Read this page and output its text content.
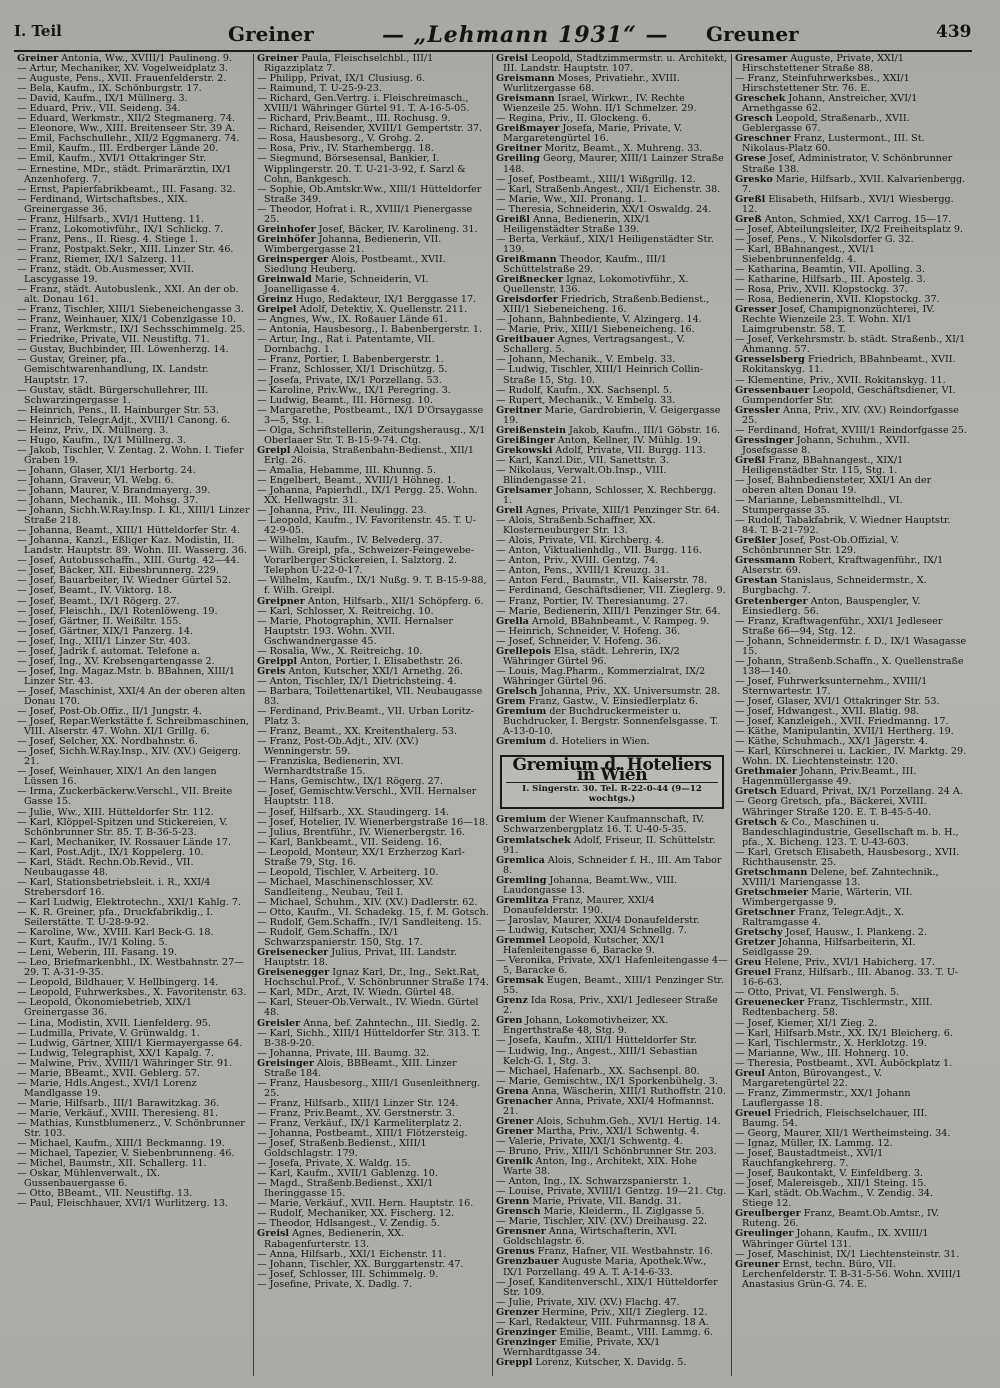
I. Teil	Greiner	— „Lehmann 1931“ — Greuner	439

Greiner Antonia, Ww., XVIII/1 Paulineng. 9.

— Artur, Mechaniker, XV. Vogelweidplatz 3.

— Auguste, Pens., XVII. Frauenfelderstr. 2.

— Bela, Kaufm., IX. Schönburgstr. 17.

— David, Kaufm., IX/1 Müllnerg. 3.

— Eduard, Priv., VII. Seideng. 34.

— Eduard, Werkmstr., XII/2 Stegmanerg. 74.

— Eleonore, Ww., XIII. Breitenseer Str. 39 A.

— Emil, Fachschullehr., XII/2 Eggmanerg. 74.

— Emil, Kaufm., III. Erdberger Lände 20.

— Emil, Kaufm., XVI/1 Ottakringer Str.

— Ernestine, MDr., städt. Primarärztin, IX/1 Anzenhoferg. 7.

— Ernst, Papierfabrikbeamt., III. Fasang. 32.

— Ferdinand, Wirtschaftsbes., XIX. Greinergasse 36.

— Franz, Hilfsarb., XVI/1 Hutteng. 11.

— Franz, Lokomotivführ., IX/1 Schlickg. 7.

— Franz, Pens., II. Riesg. 4. Stiege 1.

— Franz, Postpakt.Sekr., XIII. Linzer Str. 46.

— Franz, Riemer, IX/1 Salzerg. 11.

— Franz, städt. Ob.Ausmesser, XVII. Lascygasse 19.

— Franz, städt. Autobuslenk., XXI. An der ob. alt. Donau 161.

— Franz, Tischler, XIII/1 Siebeneichengasse 3.

— Franz, Weinhauer, XIX/1 Cobenzlgasse 10.

— Franz, Werkmstr., IX/1 Sechsschimmelg. 25.

— Friedrike, Private, VII. Neustiftg. 71.

— Gustav, Buchbinder, III. Löwenherzg. 14.

— Gustav, Greiner, pfa., Gemischtwarenhandlung, IX. Landstr. Hauptstr. 17.

— Gustav, städt. Bürgerschullehrer, III. Schwarzingergasse 1.

— Heinrich, Pens., II. Hainburger Str. 53.

— Heinrich, Telegr.Adjt., XVIII/1 Canong. 6.

— Heinz, Priv., IX. Müllnerg. 3.

— Hugo, Kaufm., IX/1 Müllnerg. 3.

— Jakob, Tischler, V. Zentag. 2. Wohn. I. Tiefer Graben 19.

— Johann, Glaser, XI/1 Herbortg. 24.

— Johann, Graveur, VI. Webg. 6.

— Johann, Maurer, V. Brandmayerg. 39.

— Johann, Mechanik., III. Mohsg. 37.

— Johann, Sichh.W.Ray.Insp. I. Kl., XIII/1 Linzer Straße 218.

— Johanna, Beamt., XIII/1 Hütteldorfer Str. 4.

— Johanna, Kanzl., Eßliger Kaz. Modistin, II. Landstr. Hauptstr. 89. Wohn. III. Wasserg. 36.

— Josef, Autobusschaffn., XIII. Gurtg. 42—44.

— Josef, Bäcker, XII. Eibesbrunnerg. 229.

— Josef, Bauarbeiter, IV. Wiedner Gürtel 52.

— Josef, Beamt., IV. Viktorg. 18.

— Josef, Beamt., IX/1 Rögerg. 27.

— Josef, Fleischh., IX/1 Rotenlöweng. 19.

— Josef, Gärtner, II. Weißiltr. 155.

— Josef, Gärtner, XIX/1 Panzerg. 14.

— Josef, Ing., XIII/1 Linzer Str. 403.

— Josef, Jadrik f. automat. Telefone a.

— Josef, Ing., XV. Krebsengartengasse 2.

— Josef, Ing. Magaz.Mstr. b. BBahnen, XIII/1 Linzer Str. 43.

— Josef, Maschinist, XXI/4 An der oberen alten Donau 170.

— Josef, Post-Ob.Offiz., II/1 Jungstr. 4.

— Josef, Repar.Werkstätte f. Schreibmaschinen, VIII. Alserstr. 47. Wohn. XI/1 Grillg. 6.

— Josef, Selcher, XX. Nordbahnstr. 6.

— Josef, Sichh.W.Ray.Insp., XIV. (XV.) Geigerg. 21.

— Josef, Weinhauer, XIX/1 An den langen Lüssen 16.

— Irma, Zuckerbäckerw.Verschl., VII. Breite Gasse 15.

— Julie, Ww., XIII. Hütteldorfer Str. 112.

— Karl, Klöppel-Spitzen und Stickereien, V. Schönbrunner Str. 85. T. B-36-5-23.

— Karl, Mechaniker, IV. Rossauer Lände 17.

— Karl, Post.Adjt., IX/1 Koppelerg. 10.

— Karl, Städt. Rechn.Ob.Revid., VII. Neubaugasse 48.

— Karl, Stationsbetriebsleit. i. R., XXI/4 Strebersdorf 16.

— Karl Ludwig, Elektrotechn., XXI/1 Kahlg. 7.

— K. R. Greiner, pfa., Druckfabrikdig., I. Seilerstätte. T. U-28-9-92.

— Karoline, Ww., XVIII. Karl Beck-G. 18.

— Kurt, Kaufm., IV/1 Koling. 5.

— Leni, Weberin, III. Fasang. 19.

— Leo, Briefmarkenbhl., IX. Westbahnstr. 27—29. T. A-31-9-35.

— Leopold, Bildhauer, V. Hellbingerg. 14.

— Leopold, Fuhrwerksbes., X. Favoritenstr. 63.

— Leopold, Ökonomiebetrieb, XIX/1 Greinergasse 36.

— Lina, Modistin, XVII. Lienfelderg. 95.

— Ludmilla, Private, V. Grünwaldg. 1.

— Ludwig, Gärtner, XIII/1 Kiermayergasse 64.

— Ludwig, Telegraphist, XX/1 Kapalg. 7.

— Malwine, Priv., XVIII/1 Währinger Str. 91.

— Marie, BBeamt., XVII. Geblerg. 57.

— Marie, Hdls.Angest., XVI/1 Lorenz Mandlgasse 19.

— Marie, Hilfsarb., III/1 Barawitzkag. 36.

— Marie, Verkäuf., XVIII. Theresieng. 81.

— Mathias, Kunstblumenerz., V. Schönbrunner Str. 103.

— Michael, Kaufm., XIII/1 Beckmanng. 19.

— Michael, Tapezier, V. Siebenbrunneng. 46.

— Michel, Baumstr., XII. Schallerg. 11.

— Oskar, Mühlenverwalt., IX. Gussenbauergasse 6.

— Otto, BBeamt., VII. Neustiftg. 13.

— Paul, Fleischhauer, XVI/1 Wurlitzerg. 13.

Greiner Paula, Fleischselchbl., III/1 Rigazziplatz 7.

— Philipp, Privat, IX/1 Clusiusg. 6.

— Raimund, T. U-25-9-23.

— Richard, Gen.Vertrg. i. Fleischreimasch., XVIII/1 Währinger Gürtel 91. T. A-16-5-05.

— Richard, Priv.Beamt., III. Rochusg. 9.

— Richard, Reisender, XVIII/1 Gempertstr. 37.

— Rosa, Hausbesorg., V. Grohg. 2.

— Rosa, Priv., IV. Starhembergg. 18.

— Siegmund, Börsesensal, Bankier, I. Wipplingerstr. 20. T. U-21-3-92, f. Sarzl & Cohn, Bankgesch.

— Sophie, Ob.Amtskr.Ww., XIII/1 Hütteldorfer Straße 349.

— Theodor, Hofrat i. R., XVIII/1 Pienergasse 25.

Greinhofer Josef, Bäcker, IV. Karolineng. 31.

Greinhöfer Johanna, Bedienerin, VII. Wimbergergasse 21.

Greinsperger Alois, Postbeamt., XVII. Siedlung Heuberg.

Greinwald Marie, Schneiderin, VI. Joanelligasse 4.

Greinz Hugo, Redakteur, IX/1 Berggasse 17.

Greipel Adolf, Detektiv, X. Quellenstr. 211.

— Angnes, Ww., IX. Roßauer Lände 61.

— Antonia, Hausbesorg., I. Babenbergerstr. 1.

— Artur, Ing., Rat i. Patentamte, VII. Dornbachg. 1.

— Franz, Portier, I. Babenbergerstr. 1.

— Franz, Schlosser, XI/1 Drischützg. 5.

— Josefa, Private, IX/1 Porzellang. 53.

— Karoline, Priv.Ww., IX/1 Peregring. 3.

— Ludwig, Beamt., III. Hörnesg. 10.

— Margarethe, Postbeamt., IX/1 D'Orsaygasse 3—5, Stg. 1.

— Olga, Schriftstellerin, Zeitungsherausg., X/1 Oberlaaer Str. T. B-15-9-74. Ctg.

Greipl Aloisia, Straßenbahn-Bedienst., XII/1 Erlg. 26.

— Amalia, Hebamme, III. Khunng. 5.

— Engelbert, Beamt., XVIII/1 Höhneg. 1.

— Johanna, Papierhdl., IX/1 Pergg. 25. Wohn. XX. Hellwagstr. 31.

— Johanna, Priv., III. Neulingg. 23.

— Leopold, Kaufm., IV. Favoritenstr. 45. T. U-42-9-05.

— Wilhelm, Kaufm., IV. Belvederg. 37.

— Wilh. Greipl, pfa., Schweizer-Feingewebe-Vorarlberger Stickereien, I. Salztorg. 2. Telephon U-22-0-17.

— Wilhelm, Kaufm., IX/1 Nußg. 9. T. B-15-9-88, f. Wilh. Greipl.

Greipner Anton, Hilfsarb., XII/1 Schöpferg. 6.

— Karl, Schlosser, X. Reitreichg. 10.

— Marie, Photographin, XVII. Hernalser Hauptstr. 193. Wohn. XVII. Gschwandnergasse 45.

— Rosalia, Ww., X. Reitreichg. 10.

Greippl Anton, Portier, I. Elisabethstr. 26.

Greis Anton, Kutscher, XXI/1 Arnethg. 26.

— Anton, Tischler, IX/1 Dietrichsteing. 4.

— Barbara, Toilettenartikel, VII. Neubaugasse 83.

— Ferdinand, Priv.Beamt., VII. Urban Loritz-Platz 3.

— Franz, Beamt., XX. Kreitenthalerg. 53.

— Franz, Post-Ob.Adjt., XIV. (XV.) Wenningerstr. 59.

— Franziska, Bedienerin, XVI. Wernhardtstraße 15.

— Hans, Gemischtw., IX/1 Rögerg. 27.

— Josef, Gemischtw.Verschl., XVII. Hernalser Hauptstr. 118.

— Josef, Hilfsarb., XX. Staudingerg. 14.

— Josef, Hotelier, IV. Wienerbergstraße 16—18.

— Julius, Brentführ., IV. Wienerbergstr. 16.

— Karl, Bankbeamt., VII. Seideng. 16.

— Leopold, Monteur, XX/1 Erzherzog Karl-Straße 79, Stg. 16.

— Leopold, Tischler, V. Arbeiterg. 10.

— Michael, Maschinenschlosser, XV. Sandleiteng., Neubau, Teil I.

— Michael, Schuhm., XIV. (XV.) Dadlerstr. 62.

— Otto, Kaufm., VI. Schadekg. 15, f. M. Gotsch.

— Rudolf, Gem.Schaffn., IV/1 Sandleiteng. 15.

— Rudolf, Gem.Schaffn., IX/1 Schwarzspanierstr. 150, Stg. 17.

Greisenecker Julius, Privat, III. Landstr. Hauptstr. 18.

Greisenegger Ignaz Karl, Dr., Ing., Sekt.Rat, Hochschul.Prof., V. Schönbrunner Straße 174.

— Karl, MDr., Arzt, IV. Wiedn. Gürtel 48.

— Karl, Steuer-Ob.Verwalt., IV. Wiedn. Gürtel 48.

Greisler Anna, bef. Zahntechn., III. Siedlg. 2.

— Karl, Sichh., XIII/1 Hütteldorfer Str. 313. T. B-38-9-20.

— Johanna, Private, III. Baumg. 32.

Greisinger Alois, BBBeamt., XIII. Linzer Straße 184.

— Franz, Hausbesorg., XIII/1 Gusenleithnerg. 25.

— Franz, Hilfsarb., XIII/1 Linzer Str. 124.

— Franz, Priv.Beamt., XV. Gerstnerstr. 3.

— Franz, Verkäuf., IX/1 Karmeliterplatz 2.

— Johanna, Postbeamt., XIII/1 Flötzersteig.

— Josef, Straßenb.Bedienst., XIII/1 Goldschlagstr. 179.

— Josefa, Private, X. Waldg. 15.

— Karl, Kaufm., XVII/1 Gablenzg. 10.

— Magd., Straßenb.Bedienst., XXI/1 Iheringgasse 15.

— Marie, Verkäuf., XVII. Hern. Hauptstr. 16.

— Rudolf, Mechaniker, XX. Fischerg. 12.

— Theodor, Hdlsangest., V. Zendig. 5.

Greisl Agnes, Bedienerin, XX. Rabagenfurterstr. 13.

— Anna, Hilfsarb., XXI/1 Eichenstr. 11.

— Johann, Tischler, XX. Burggartenstr. 47.

— Josef, Schlosser, III. Schimmelg. 9.

— Josefine, Private, X. Dadlg. 7.

Greisl Leopold, Stadtzimmermstr. u. Architekt, III. Landstr. Hauptstr. 107.

Greismann Moses, Privatiehr., XVIII. Wurlitzergasse 68.

Greismann Israel, Wirkwr., IV. Rechte Wienzeile 25. Wohn. II/1 Schmelzer. 29.

— Regina, Priv., II. Glockeng. 6.

Greißmayer Josefa, Marie, Private, V. Margaretengürtel 16.

Greitner Moritz, Beamt., X. Muhreng. 33.

Greiling Georg, Maurer, XIII/1 Lainzer Straße 148.

— Josef, Postbeamt., XIII/1 Wißgrillg. 12.

— Karl, Straßenb.Angest., XII/1 Eichenstr. 38.

— Marie, Ww., XII. Pronang. 1.

— Theresia, Schneiderin, XX/1 Oswaldg. 24.

Greißl Anna, Bedienerin, XIX/1 Heiligenstädter Straße 139.

— Berta, Verkäuf., XIX/1 Heiligenstädter Str. 139.

Greißmann Theodor, Kaufm., III/1 Schüttelstraße 29.

Greißnecker Ignaz, Lokomotivführ., X. Quellenstr. 136.

Greisdorfer Friedrich, Straßenb.Bedienst., XIII/1 Siebeneicheng. 16.

— Johann, Bahnbediente, V. Alzingerg. 14.

— Marie, Priv., XIII/1 Siebeneicheng. 16.

Greitbauer Agnes, Vertragsangest., V. Schallerg. 5.

— Johann, Mechanik., V. Embelg. 33.

— Ludwig, Tischler, XIII/1 Heinrich Collin-Straße 15, Stg. 10.

— Rudolf, Kaufm., XX. Sachsenpl. 5.

— Rupert, Mechanik., V. Embelg. 33.

Greitner Marie, Gardrobierin, V. Geigergasse 19.

Greißenstein Jakob, Kaufm., III/1 Göbstr. 16.

Greißinger Anton, Kellner, IV. Mühlg. 19.

Grekowski Adolf, Private, VII. Burgg. 113.

— Karl, Kanzl.Dir., VII. Sanettstr. 3.

— Nikolaus, Verwalt.Ob.Insp., VIII. Blindengasse 21.

Grelsamer Johann, Schlosser, X. Rechbergg. 1.

Grell Agnes, Private, XIII/1 Penzinger Str. 64.

— Alois, Straßenb.Schaffner, XX. Klosterneuburger Str. 13.

— Alois, Private, VII. Kirchberg. 4.

— Anton, Viktualienhdlg., VII. Burgg. 116.

— Anton, Priv., XVIII. Gentzg. 74.

— Anton, Pens., XVIII/1 Kreuzg. 31.

— Anton Ferd., Baumstr., VII. Kaiserstr. 78.

— Ferdinand, Geschäftsdiener, VII. Zieglerg. 9.

— Franz, Portier, IV. Theresianumg. 27.

— Marie, Bedienerin, XIII/1 Penzinger Str. 64.

Grella Arnold, BBahnbeamt., V. Rampeg. 9.

— Heinrich, Schneider, V. Hofeng. 36.

— Josef, Schneider, V. Hofeng. 36.

Grellepois Elsa, städt. Lehrerin, IX/2 Währinger Gürtel 96.

— Louis, Mag.Pharm., Kommerzialrat, IX/2 Währinger Gürtel 96.

Grelsch Johanna, Priv., XX. Universumstr. 28.

Grem Franz, Gastw., V. Einsiedlerplatz 6.

Gremium der Buchdruckermeister u. Buchdrucker, I. Bergstr. Sonnenfelsgasse. T. A-13-0-10.

Gremium d. Hoteliers in Wien.

Gremium d. Hoteliers in Wien
I. Singerstr. 30. Tel. R-22-0-44 (9—12 wochtgs.)

Gremium der Wiener Kaufmannschaft, IV. Schwarzenbergplatz 16. T. U-40-5-35.

Gremlatschek Adolf, Friseur, II. Schüttelstr. 91.

Gremlica Alois, Schneider f. H., III. Am Tabor 8.

Gremling Johanna, Beamt.Ww., VIII. Laudongasse 13.

Gremlitza Franz, Maurer, XXI/4 Donaufelderstr. 190.

— Jaroslav, Maurer, XXI/4 Donaufelderstr.

— Ludwig, Kutscher, XXI/4 Schnellg. 7.

Gremmel Leopold, Kutscher, XX/1 Hafenleitengasse 6, Baracke 9.

— Veronika, Private, XX/1 Hafenleitengasse 4—5, Baracke 6.

Gremsak Eugen, Beamt., XIII/1 Penzinger Str. 55.

Grenz Ida Rosa, Priv., XXI/1 Jedleseer Straße 2.

Gren Johann, Lokomotivheizer, XX. Engerthstraße 48, Stg. 9.

— Josefa, Kaufm., XIII/1 Hütteldorfer Str.

— Ludwig, Ing., Angest., XIII/1 Sebastian Kelch-G. 1, Stg. 3.

— Michael, Hafenarb., XX. Sachsenpl. 80.

— Marie, Gemischtw., IX/1 Sporkenbühelg. 3.

Grena Anna, Wäscherin, XIII/1 Ruthoffstr. 210.

Grenacher Anna, Private, XXI/4 Hofmannst. 21.

Grener Alois, Schuhm.Geh., XVI/1 Hertig. 14.

Grener Martha, Priv., XXI/1 Schwentg. 4.

— Valerie, Private, XXI/1 Schwentg. 4.

— Bruno, Priv., XIII/1 Schönbrunner Str. 203.

Grenik Anton, Ing., Architekt, XIX. Hohe Warte 38.

— Anton, Ing., IX. Schwarzspanierstr. 1.

— Louise, Private, XVIII/1 Gentzg. 19—21. Ctg.

Grenn Marie, Private, VII. Bandg. 31.

Grensch Marie, Kleiderm., II. Ziglgasse 5.

— Marie, Tischler, XIV. (XV.) Dreihausg. 22.

Grensner Anna, Wirtschafterin, XVI. Goldschlagstr. 6.

Grenus Franz, Hafner, VII. Westbahnstr. 16.

Grenzbauer Auguste Maria, Apothek.Ww., IX/1 Porzellang. 49 A. T. A-14-6-33.

— Josef, Kanditenverschl., XIX/1 Hütteldorfer Str. 109.

— Julie, Private, XIV. (XV.) Flachg. 47.

Grenzer Hermine, Priv., XII/1 Zieglerg. 12.

— Karl, Redakteur, VIII. Fuhrmannsg. 18 A.

Grenzinger Emilie, Beamt., VIII. Lammg. 6.

Grenzinger Emilie, Private, XX/1 Wernhardtgasse 34.

Greppl Lorenz, Kutscher, X. Davidg. 5.

Gresamer Auguste, Private, XXI/1 Hirschstettener Straße 88.

— Franz, Steinfuhrwerksbes., XXI/1 Hirschstettener Str. 76. E.

Greschek Johann, Anstreicher, XVI/1 Arnethgasse 62.

Gresch Leopold, Straßenarb., XVII. Geblergasse 67.

Greschner Franz, Lustermont., III. St. Nikolaus-Platz 60.

Grese Josef, Administrator, V. Schönbrunner Straße 138.

Gresko Marie, Hilfsarb., XVII. Kalvarienbergg. 7.

Greßl Elisabeth, Hilfsarb., XVI/1 Wiesbergg. 12.

Greß Anton, Schmied, XX/1 Carrog. 15—17.

— Josef, Abteilungsleiter, IX/2 Freiheitsplatz 9.

— Josef, Pens., V. Nikolsdorfer G. 32.

— Karl, BBahnangest., XVI/1 Siebenbrunnenfeldg. 4.

— Katharina, Beamtin, VII. Apolling. 3.

— Katharine, Hilfsarb., III. Apostelg. 3.

— Rosa, Priv., XVII. Klopstockg. 37.

— Rosa, Bedienerin, XVII. Klopstockg. 37.

Gresser Josef, Champignonzüchterei, IV. Rechte Wienzeile 23. T. Wohn. XI/1 Laimgrubenstr. 58. T.

— Josef, Verkehrsmstr. b. städt. Straßenb., XI/1 Ahmanng. 57.

Gresselsberg Friedrich, BBahnbeamt., XVII. Rokitanskyg. 11.

— Klementine, Priv., XVII. Rokitanskyg. 11.

Gressenbauer Leopold, Geschäftsdiener, VI. Gumpendorfer Str.

Gressler Anna, Priv., XIV. (XV.) Reindorfgasse 25.

— Ferdinand, Hofrat, XVIII/1 Reindorfgasse 25.

Gressinger Johann, Schuhm., XVII. Josefsgasse 8.

Greßl Franz, BBahnangest., XIX/1 Heiligenstädter Str. 115, Stg. 1.

— Josef, Bahnbediensteter, XXI/1 An der oberen alten Donau 19.

— Marianne, Lebensmittelhdl., VI. Stumpergasse 35.

— Rudolf, Tabakfabrik, V. Wiedner Hauptstr. 84. T. B-21-792.

Greßler Josef, Post-Ob.Offizial, V. Schönbrunner Str. 129.

Gressmann Robert, Kraftwagenführ., IX/1 Alserstr. 69.

Grestan Stanislaus, Schneidermstr., X. Burgbachg. 7.

Gretenberger Anton, Bauspengler, V. Einsiedlerg. 56.

— Franz, Kraftwagenführ., XXI/1 Jedleseer Straße 66—94, Stg. 12.

— Johann, Schneidermstr. f. D., IX/1 Wasagasse 15.

— Johann, Straßenb.Schaffn., X. Quellenstraße 138—140.

— Josef, Fuhrwerksunternehm., XVIII/1 Sternwartestr. 17.

— Josef, Glaser, XVI/1 Ottakringer Str. 53.

— Josef, Hdwangest., XVII. Blatig. 98.

— Josef, Kanzleigeh., XVII. Friedmanng. 17.

— Käthe, Manipulantin, XVII/1 Hertherg. 19.

— Käthe, Schuhmach., XX/1 Jägerstr. 4.

— Karl, Kürschnerei u. Lackier., IV. Marktg. 29. Wohn. IX. Liechtensteinstr. 120.

Grethmaier Johann, Priv.Beamt., III. Hagenmüllergasse 49.

Gretsch Eduard, Privat, IX/1 Porzellang. 24 A.

— Georg Gretsch, pfa., Bäckerei, XVIII. Währinger Straße 120. E. T. B-45-5-40.

Gretsch & Co., Maschinen u. Bandeschlagindustrie, Gesellschaft m. b. H., pfa., X. Bicheng. 123. T. U-43-603.

— Karl, Gretsch Elisabeth, Hausbesorg., XVII. Richthausenstr. 25.

Gretschmann Delene, bef. Zahntechnik., XVIII/1 Mariengasse 13.

Gretschmeier Marie, Wärterin, VII. Wimbergergasse 9.

Gretschner Franz, Telegr.Adjt., X. Raltramgasse 4.

Gretschy Josef, Hausw., I. Plankeng. 2.

Gretzer Johanna, Hilfsarbeiterin, XI. Seidlgasse 29.

Greu Helene, Priv., XVI/1 Habicherg. 17.

Greuel Franz, Hilfsarb., III. Abanog. 33. T. U-16-6-63.

— Otto, Privat, VI. Fenslwergh. 5.

Greuenecker Franz, Tischlermstr., XIII. Redtenbacherg. 58.

— Josef, Kiemer, XI/1 Zieg. 2.

— Karl, Hilfsarb.Mstr., XX. IX/1 Bleicherg. 6.

— Karl, Tischlermstr., X. Herklotzg. 19.

— Marianne, Ww., III. Hohnerg. 10.

— Theresia, Postbeamt., XVI. Auböckplatz 1.

Greul Anton, Bürovangest., V. Margaretengürtel 22.

— Franz, Zimmermstr., XX/1 Johann Lauflergasse 18.

Greuel Friedrich, Fleischselchauer, III. Baumg. 54.

— Georg, Maurer, XII/1 Wertheimsteing. 34.

— Ignaz, Müller, IX. Lammg. 12.

— Josef, Baustadtmeist., XVI/1 Rauchfangkehrerg. 7.

— Josef, Baukontakt, V. Einfeldberg. 3.

— Josef, Malereisgeb., XII/1 Steing. 15.

— Karl, städt. Ob.Wachm., V. Zendig. 34. Stiege 12.

Greulberger Franz, Beamt.Ob.Amtsr., IV. Ruteng. 26.

Greulinger Johann, Kaufm., IX. XVIII/1 Währinger Gürtel 131.

— Josef, Maschinist, IX/1 Liechtensteinstr. 31.

Greuner Ernst, techn. Büro, VII. Lerchenfelderstr. T. B-31-5-56. Wohn. XVIII/1 Anastasius Grün-G. 74. E.
